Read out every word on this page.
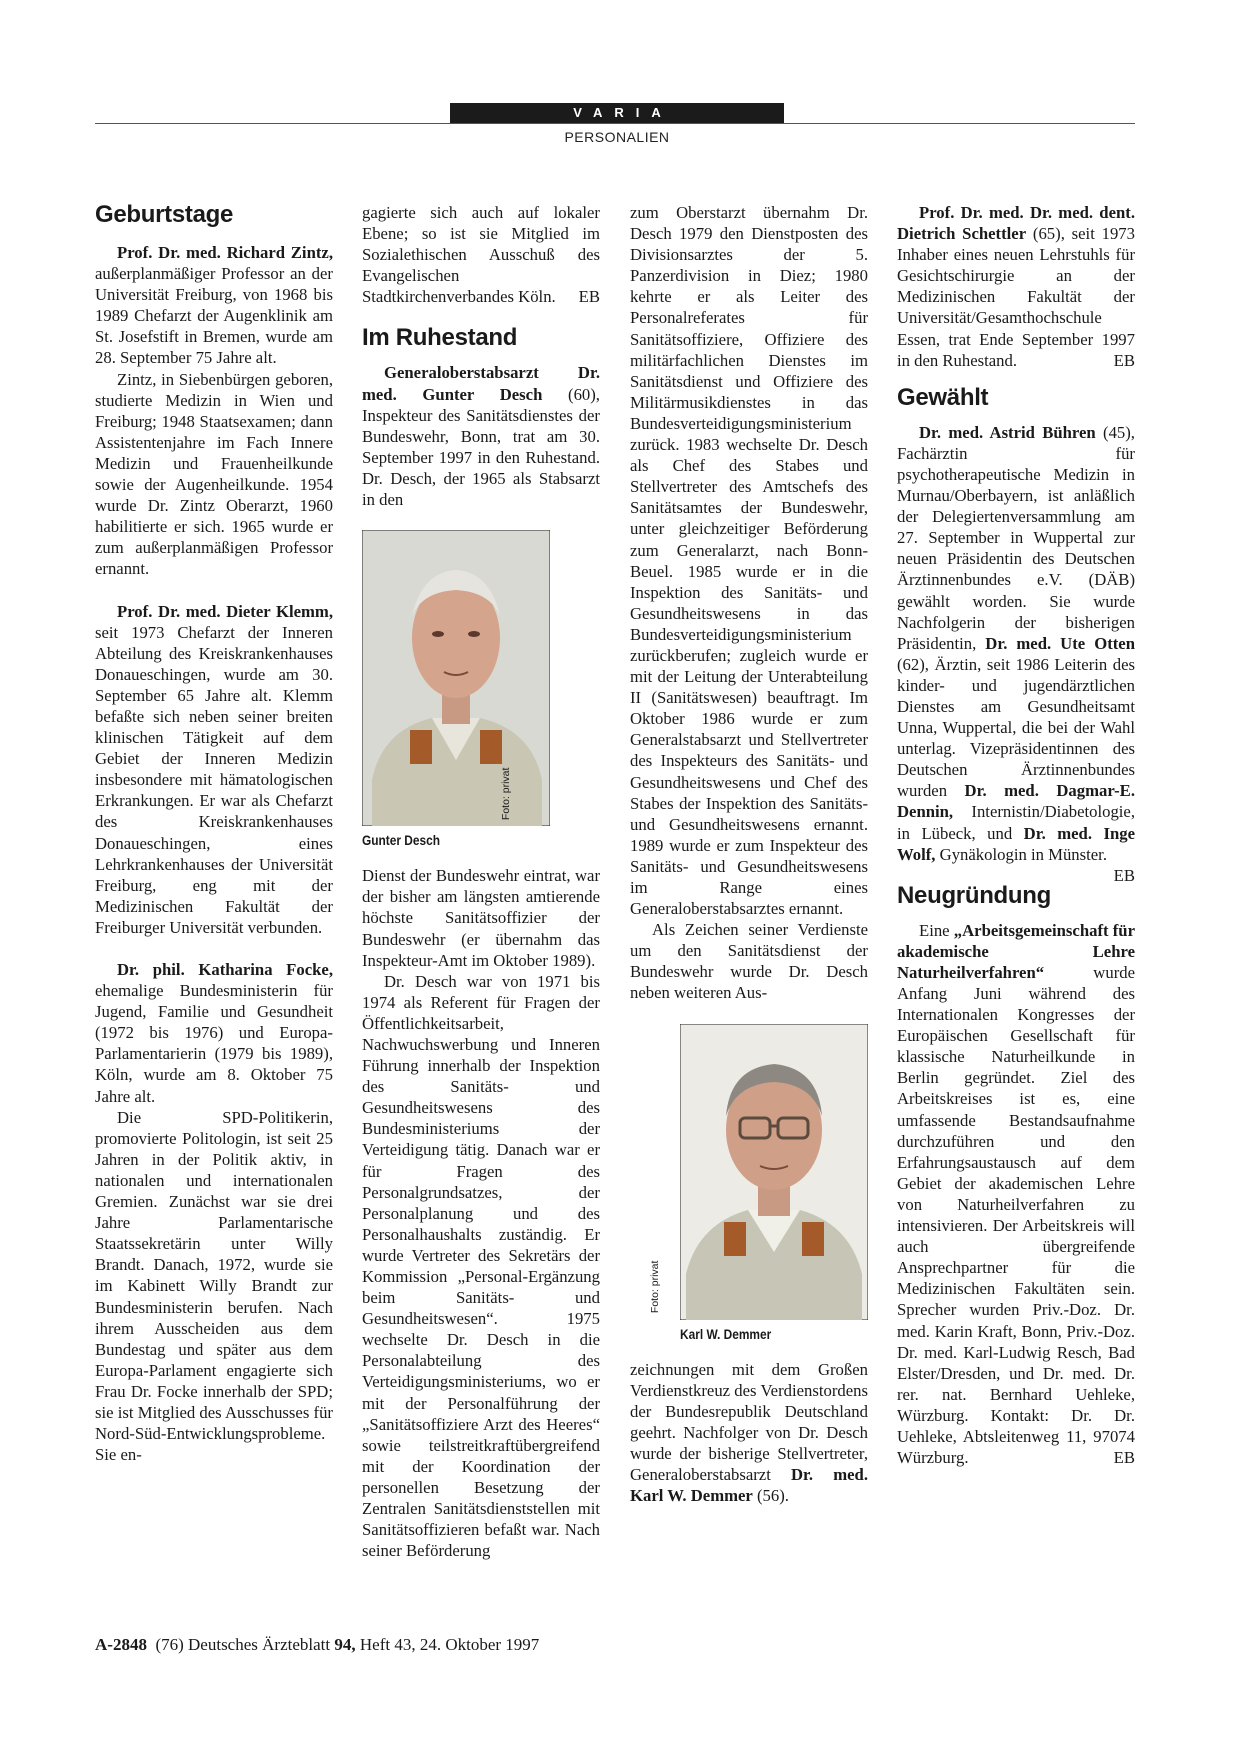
VARIA
PERSONALIEN
Geburtstage

Prof. Dr. med. Richard Zintz, außerplanmäßiger Professor an der Universität Freiburg, von 1968 bis 1989 Chefarzt der Augenklinik am St. Josefstift in Bremen, wurde am 28. September 75 Jahre alt.

Zintz, in Siebenbürgen geboren, studierte Medizin in Wien und Freiburg; 1948 Staatsexamen; dann Assistentenjahre im Fach Innere Medizin und Frauenheilkunde sowie der Augenheilkunde. 1954 wurde Dr. Zintz Oberarzt, 1960 habilitierte er sich. 1965 wurde er zum außerplanmäßigen Professor ernannt.

Prof. Dr. med. Dieter Klemm, seit 1973 Chefarzt der Inneren Abteilung des Kreiskrankenhauses Donaueschingen, wurde am 30. September 65 Jahre alt. Klemm befaßte sich neben seiner breiten klinischen Tätigkeit auf dem Gebiet der Inneren Medizin insbesondere mit hämatologischen Erkrankungen. Er war als Chefarzt des Kreiskrankenhauses Donaueschingen, eines Lehrkrankenhauses der Universität Freiburg, eng mit der Medizinischen Fakultät der Freiburger Universität verbunden.

Dr. phil. Katharina Focke, ehemalige Bundesministerin für Jugend, Familie und Gesundheit (1972 bis 1976) und Europa-Parlamentarierin (1979 bis 1989), Köln, wurde am 8. Oktober 75 Jahre alt.

Die SPD-Politikerin, promovierte Politologin, ist seit 25 Jahren in der Politik aktiv, in nationalen und internationalen Gremien. Zunächst war sie drei Jahre Parlamentarische Staatssekretärin unter Willy Brandt. Danach, 1972, wurde sie im Kabinett Willy Brandt zur Bundesministerin berufen. Nach ihrem Ausscheiden aus dem Bundestag und später aus dem Europa-Parlament engagierte sich Frau Dr. Focke innerhalb der SPD; sie ist Mitglied des Ausschusses für Nord-Süd-Entwicklungsprobleme. Sie en-

gagierte sich auch auf lokaler Ebene; so ist sie Mitglied im Sozialethischen Ausschuß des Evangelischen Stadtkirchenverbandes Köln. EB

Im Ruhestand

Generaloberstabsarzt Dr. med. Gunter Desch (60), Inspekteur des Sanitätsdienstes der Bundeswehr, Bonn, trat am 30. September 1997 in den Ruhestand. Dr. Desch, der 1965 als Stabsarzt in den

Foto: privat
Gunter Desch

Dienst der Bundeswehr eintrat, war der bisher am längsten amtierende höchste Sanitätsoffizier der Bundeswehr (er übernahm das Inspekteur-Amt im Oktober 1989).

Dr. Desch war von 1971 bis 1974 als Referent für Fragen der Öffentlichkeitsarbeit, Nachwuchswerbung und Inneren Führung innerhalb der Inspektion des Sanitäts- und Gesundheitswesens des Bundesministeriums der Verteidigung tätig. Danach war er für Fragen des Personalgrundsatzes, der Personalplanung und des Personalhaushalts zuständig. Er wurde Vertreter des Sekretärs der Kommission „Personal-Ergänzung beim Sanitäts- und Gesundheitswesen“. 1975 wechselte Dr. Desch in die Personalabteilung des Verteidigungsministeriums, wo er mit der Personalführung der „Sanitätsoffiziere Arzt des Heeres“ sowie teilstreitkraftübergreifend mit der Koordination der personellen Besetzung der Zentralen Sanitätsdienststellen mit Sanitätsoffizieren befaßt war. Nach seiner Beförderung

zum Oberstarzt übernahm Dr. Desch 1979 den Dienstposten des Divisionsarztes der 5. Panzerdivision in Diez; 1980 kehrte er als Leiter des Personalreferates für Sanitätsoffiziere, Offiziere des militärfachlichen Dienstes im Sanitätsdienst und Offiziere des Militärmusikdienstes in das Bundesverteidigungsministerium zurück. 1983 wechselte Dr. Desch als Chef des Stabes und Stellvertreter des Amtschefs des Sanitätsamtes der Bundeswehr, unter gleichzeitiger Beförderung zum Generalarzt, nach Bonn-Beuel. 1985 wurde er in die Inspektion des Sanitäts- und Gesundheitswesens in das Bundesverteidigungsministerium zurückberufen; zugleich wurde er mit der Leitung der Unterabteilung II (Sanitätswesen) beauftragt. Im Oktober 1986 wurde er zum Generalstabsarzt und Stellvertreter des Inspekteurs des Sanitäts- und Gesundheitswesens und Chef des Stabes der Inspektion des Sanitäts- und Gesundheitswesens ernannt. 1989 wurde er zum Inspekteur des Sanitäts- und Gesundheitswesens im Range eines Generaloberstabsarztes ernannt.

Als Zeichen seiner Verdienste um den Sanitätsdienst der Bundeswehr wurde Dr. Desch neben weiteren Aus-

Foto: privat
Karl W. Demmer

zeichnungen mit dem Großen Verdienstkreuz des Verdienstordens der Bundesrepublik Deutschland geehrt. Nachfolger von Dr. Desch wurde der bisherige Stellvertreter, Generaloberstabsarzt Dr. med. Karl W. Demmer (56).

Prof. Dr. med. Dr. med. dent. Dietrich Schettler (65), seit 1973 Inhaber eines neuen Lehrstuhls für Gesichtschirurgie an der Medizinischen Fakultät der Universität/Gesamthochschule Essen, trat Ende September 1997 in den Ruhestand.	EB

Gewählt

Dr. med. Astrid Bühren (45), Fachärztin für psychotherapeutische Medizin in Murnau/Oberbayern, ist anläßlich der Delegiertenversammlung am 27. September in Wuppertal zur neuen Präsidentin des Deutschen Ärztinnenbundes e.V. (DÄB) gewählt worden. Sie wurde Nachfolgerin der bisherigen Präsidentin, Dr. med. Ute Otten (62), Ärztin, seit 1986 Leiterin des kinder- und jugendärztlichen Dienstes am Gesundheitsamt Unna, Wuppertal, die bei der Wahl unterlag. Vizepräsidentinnen des Deutschen Ärztinnenbundes wurden Dr. med. Dagmar-E. Dennin, Internistin/Diabetologie, in Lübeck, und Dr. med. Inge Wolf, Gynäkologin in Münster.
EB

Neugründung

Eine „Arbeitsgemeinschaft für akademische Lehre Naturheilverfahren“ wurde Anfang Juni während des Internationalen Kongresses der Europäischen Gesellschaft für klassische Naturheilkunde in Berlin gegründet. Ziel des Arbeitskreises ist es, eine umfassende Bestandsaufnahme durchzuführen und den Erfahrungsaustausch auf dem Gebiet der akademischen Lehre von Naturheilverfahren zu intensivieren. Der Arbeitskreis will auch übergreifende Ansprechpartner für die Medizinischen Fakultäten sein. Sprecher wurden Priv.-Doz. Dr. med. Karin Kraft, Bonn, Priv.-Doz. Dr. med. Karl-Ludwig Resch, Bad Elster/Dresden, und Dr. med. Dr. rer. nat. Bernhard Uehleke, Würzburg. Kontakt: Dr. Dr. Uehleke, Abtsleitenweg 11, 97074 Würzburg.	EB

A-2848  (76) Deutsches Ärzteblatt 94, Heft 43, 24. Oktober 1997
